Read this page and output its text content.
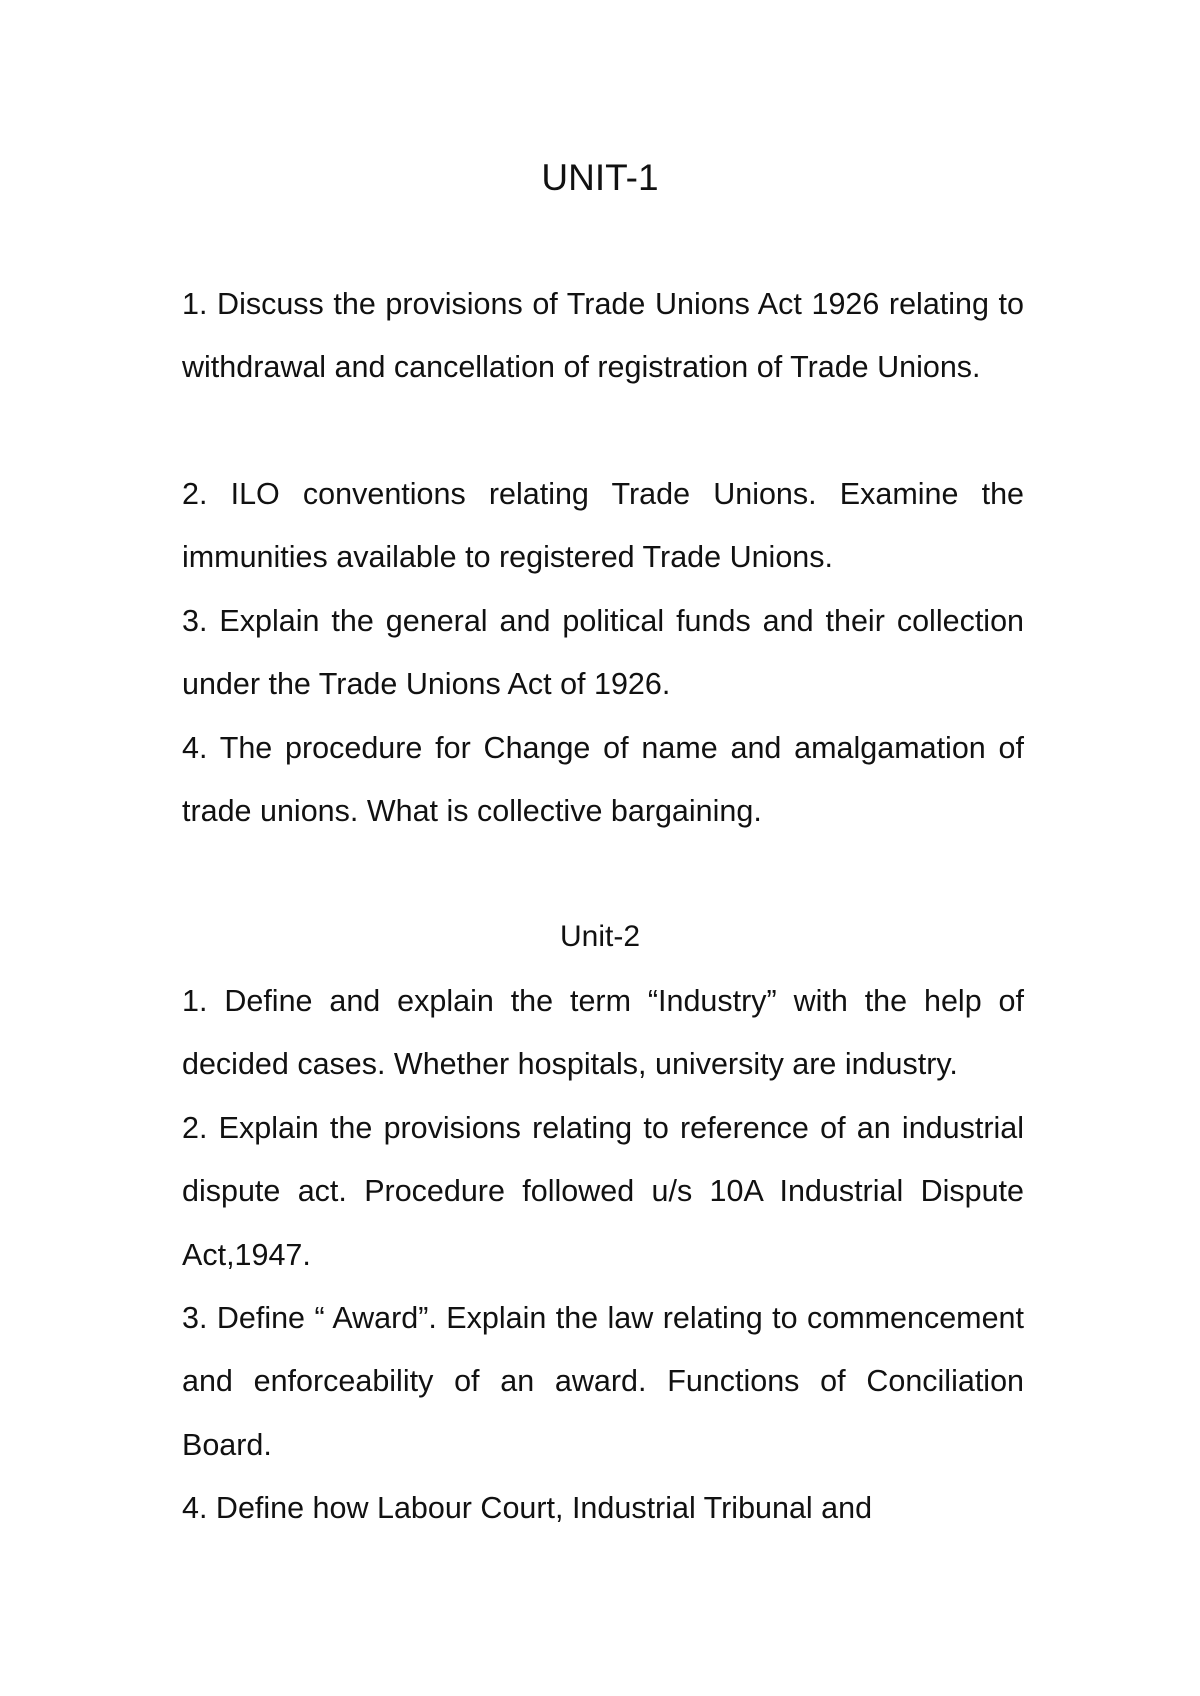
UNIT-1

1. Discuss the provisions of Trade Unions Act 1926 relating to withdrawal and cancellation of registration of Trade Unions.

2. ILO conventions relating Trade Unions. Examine the immunities available to registered Trade Unions.

3. Explain the general and political funds and their collection under the Trade Unions Act of 1926.

4. The procedure for Change of name and amalgamation of trade unions. What is collective bargaining.

Unit-2

1. Define and explain the term “Industry” with the help of decided cases. Whether hospitals, university are industry.

2. Explain the provisions relating to reference of an industrial dispute act. Procedure followed u/s 10A Industrial Dispute Act,1947.

3. Define “ Award”. Explain the law relating to commencement and enforceability of an award. Functions of Conciliation Board.

4. Define how Labour Court, Industrial Tribunal and
